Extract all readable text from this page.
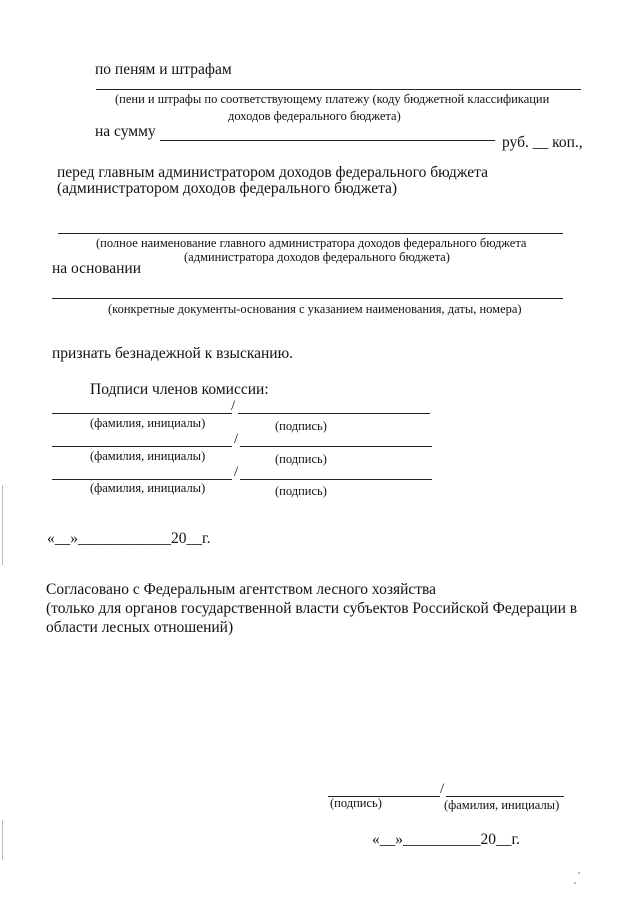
по пеням и штрафам
(пени и штрафы по соответствующему платежу (коду бюджетной классификации
доходов федерального бюджета)
на сумму
руб. __ коп.,
перед главным администратором доходов федерального бюджета
(администратором доходов федерального бюджета)
(полное наименование главного администратора доходов федерального бюджета
(администратора доходов федерального бюджета)
на основании
(конкретные документы-основания с указанием наименования, даты, номера)
признать безнадежной к взысканию.
Подписи членов комиссии:
/
(фамилия, инициалы)	(подпись)
/
(фамилия, инициалы)	(подпись)
/
(фамилия, инициалы)	(подпись)
«__»____________20__г.
Согласовано с Федеральным агентством лесного хозяйства
(только для органов государственной власти субъектов Российской Федерации в
области лесных отношений)
/
(подпись)	(фамилия, инициалы)
«__»__________20__г.
